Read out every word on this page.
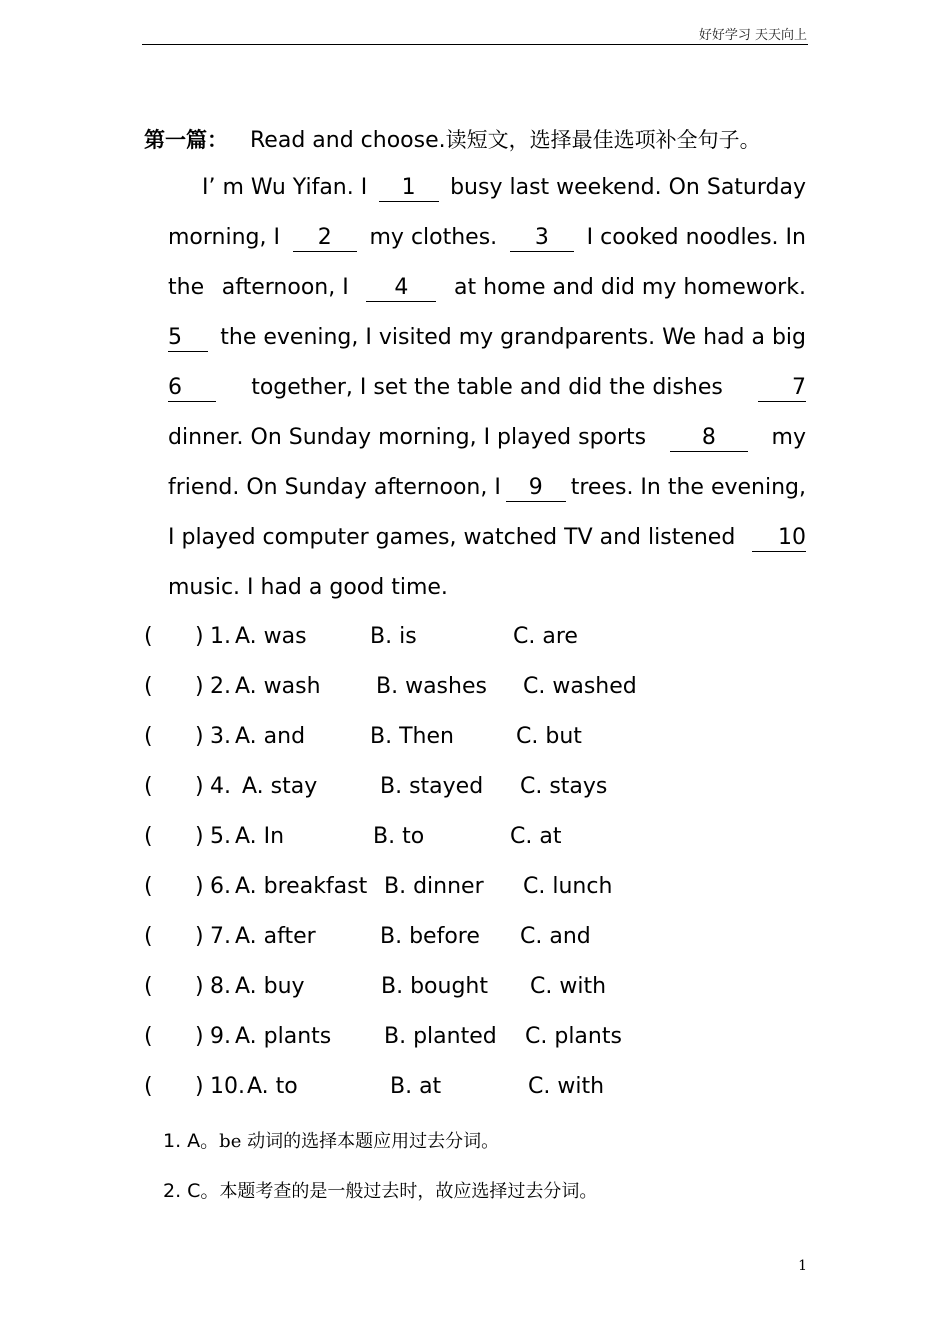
好好学习 天天向上
第一篇： Read and choose.读短文，选择最佳选项补全句子。
I’ m Wu Yifan. I	1	busy last weekend. On Saturday
morning, I	2	my clothes.	3	I cooked noodles. In
the afternoon, I	4	at home and did my homework.
5	the evening, I visited my grandparents. We had a big
6	together, I set the table and did the dishes	7
dinner. On Sunday morning, I played sports	8	my
friend. On Sunday afternoon, I	9	trees. In the evening,
I played computer games, watched TV and listened	10
music. I had a good time.
( ) 1. A. was	B. is	C. are
( ) 2. A. wash	B. washes C. washed
( ) 3. A. and	B. Then	C. but
( ) 4. A. stay	B. stayed C. stays
( ) 5. A. In	B. to	C. at
( ) 6. A. breakfast B. dinner C. lunch
( ) 7. A. after	B. before C. and
( ) 8. A. buy	B. bought C. with
( ) 9. A. plants B. planted C. plants
( ) 10. A. to	B. at	C. with
1. A。be 动词的选择本题应用过去分词。
2. C。本题考查的是一般过去时，故应选择过去分词。
1
